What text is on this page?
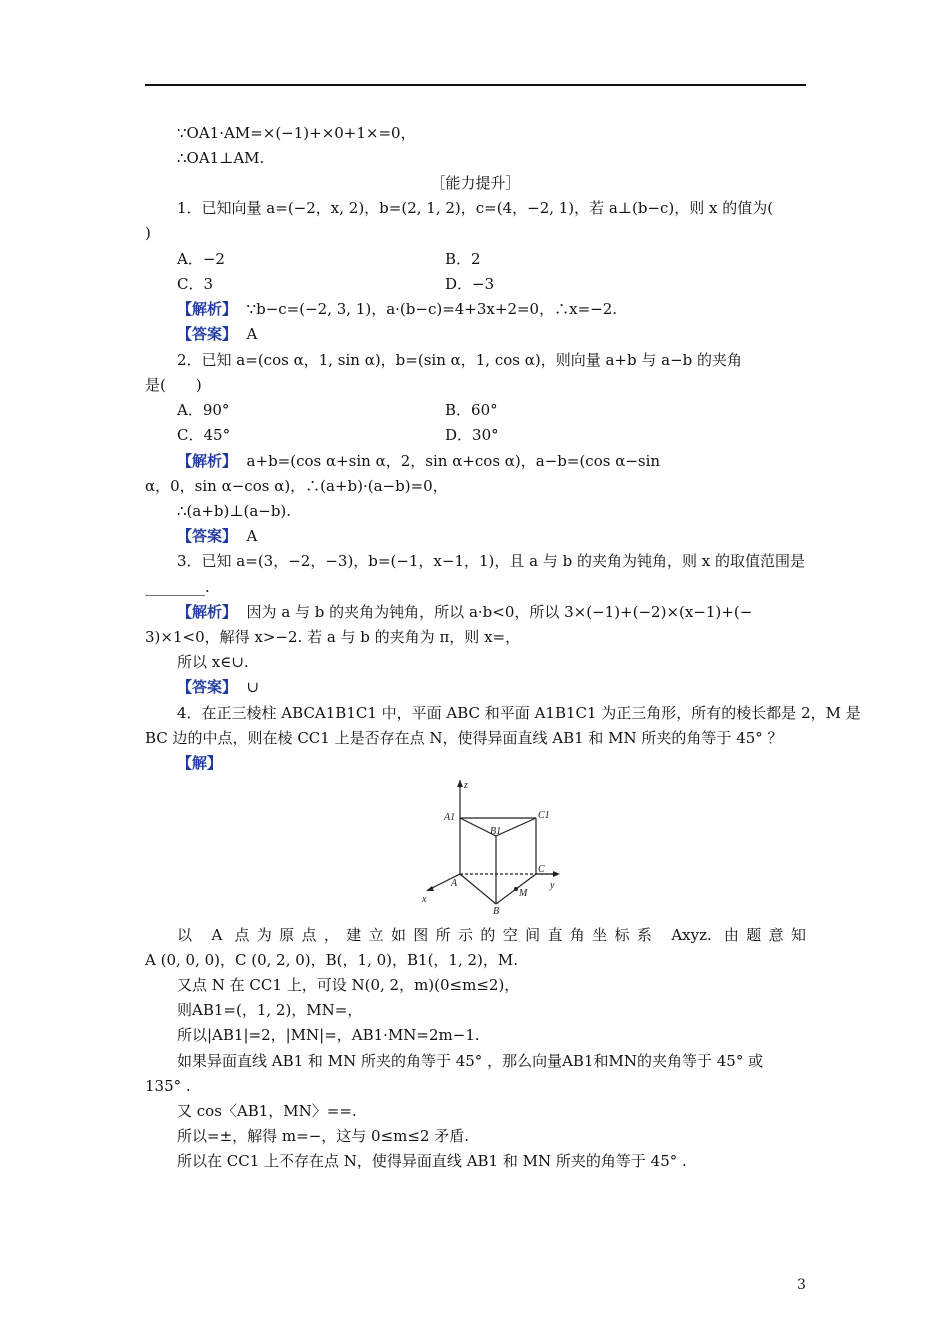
∵OA1·AM=×(−1)+×0+1×=0，
∴OA1⊥AM.
［能力提升］
1．已知向量 a=(−2，x, 2)，b=(2, 1, 2)，c=(4，−2, 1)，若 a⊥(b−c)，则 x 的值为(
)
A．−2	B．2
C．3	D．−3
【解析】  ∵b−c=(−2, 3, 1)，a·(b−c)=4+3x+2=0，∴x=−2.
【答案】  A
2．已知 a=(cos α，1, sin α)，b=(sin α，1, cos α)，则向量 a+b 与 a−b 的夹角
是(　　)
A．90°	B．60°
C．45°	D．30°
【解析】  a+b=(cos α+sin α，2，sin α+cos α)，a−b=(cos α−sin
α，0，sin α−cos α)，∴(a+b)·(a−b)=0，
∴(a+b)⊥(a−b).
【答案】  A
3．已知 a=(3，−2，−3)，b=(−1，x−1，1)，且 a 与 b 的夹角为钝角，则 x 的取值范围是
________.
【解析】  因为 a 与 b 的夹角为钝角，所以 a·b<0，所以 3×(−1)+(−2)×(x−1)+(−
3)×1<0，解得 x>−2. 若 a 与 b 的夹角为 π，则 x=，
所以 x∈∪.
【答案】  ∪
4．在正三棱柱 ABCA1B1C1 中，平面 ABC 和平面 A1B1C1 为正三角形，所有的棱长都是 2，M 是
BC 边的中点，则在棱 CC1 上是否存在点 N，使得异面直线 AB1 和 MN 所夹的角等于 45° ？
【解】
z
A1	C1
B1
C
A	y
x
M
B
以 A 点为原点，建立如图所示的空间直角坐标系 Axyz. 由题意知
A (0, 0, 0)，C (0, 2, 0)，B(，1, 0)，B1(，1, 2)，M.
又点 N 在 CC1 上，可设 N(0, 2，m)(0≤m≤2)，
则AB1=(，1, 2)，MN=，
所以|AB1|=2，|MN|=，AB1·MN=2m−1.
如果异面直线 AB1 和 MN 所夹的角等于 45° ，那么向量AB1和MN的夹角等于 45° 或
135° .
又 cos〈AB1，MN〉==.
所以=±，解得 m=−，这与 0≤m≤2 矛盾.
所以在 CC1 上不存在点 N，使得异面直线 AB1 和 MN 所夹的角等于 45° .
3
